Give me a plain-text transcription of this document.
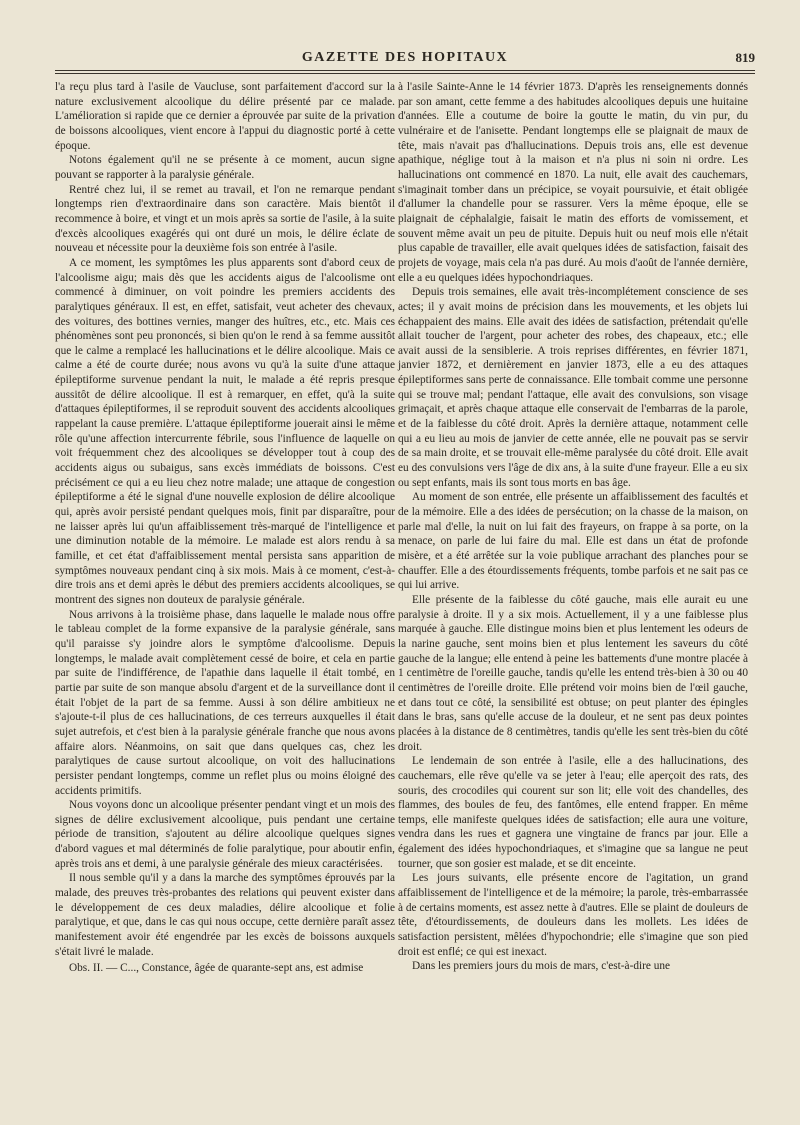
GAZETTE DES HOPITAUX	819

l'a reçu plus tard à l'asile de Vaucluse, sont parfaitement d'accord sur la nature exclusivement alcoolique du délire présenté par ce malade. L'amélioration si rapide que ce dernier a éprouvée par suite de la privation de boissons alcooliques, vient encore à l'appui du diagnostic porté à cette époque.

Notons également qu'il ne se présente à ce moment, aucun signe pouvant se rapporter à la paralysie générale.

Rentré chez lui, il se remet au travail, et l'on ne remarque pendant longtemps rien d'extraordinaire dans son caractère. Mais bientôt il recommence à boire, et vingt et un mois après sa sortie de l'asile, à la suite d'excès alcooliques exagérés qui ont duré un mois, le délire éclate de nouveau et nécessite pour la deuxième fois son entrée à l'asile.

A ce moment, les symptômes les plus apparents sont d'abord ceux de l'alcoolisme aigu; mais dès que les accidents aigus de l'alcoolisme ont commencé à diminuer, on voit poindre les premiers accidents des paralytiques généraux. Il est, en effet, satisfait, veut acheter des chevaux, des voitures, des bottines vernies, manger des huîtres, etc., etc. Mais ces phénomènes sont peu prononcés, si bien qu'on le rend à sa femme aussitôt que le calme a remplacé les hallucinations et le délire alcoolique. Mais ce calme a été de courte durée; nous avons vu qu'à la suite d'une attaque épileptiforme survenue pendant la nuit, le malade a été repris presque aussitôt de délire alcoolique. Il est à remarquer, en effet, qu'à la suite d'attaques épileptiformes, il se reproduit souvent des accidents alcooliques rappelant la cause première. L'attaque épileptiforme jouerait ainsi le même rôle qu'une affection intercurrente fébrile, sous l'influence de laquelle on voit fréquemment chez des alcooliques se développer tout à coup des accidents aigus ou subaigus, sans excès immédiats de boissons. C'est précisément ce qui a eu lieu chez notre malade; une attaque de congestion épileptiforme a été le signal d'une nouvelle explosion de délire alcoolique qui, après avoir persisté pendant quelques mois, finit par disparaître, pour ne laisser après lui qu'un affaiblissement très-marqué de l'intelligence et une diminution notable de la mémoire. Le malade est alors rendu à sa famille, et cet état d'affaiblissement mental persista sans apparition de symptômes nouveaux pendant cinq à six mois. Mais à ce moment, c'est-à-dire trois ans et demi après le début des premiers accidents alcooliques, se montrent des signes non douteux de paralysie générale.

Nous arrivons à la troisième phase, dans laquelle le malade nous offre le tableau complet de la forme expansive de la paralysie générale, sans qu'il paraisse s'y joindre alors le symptôme d'alcoolisme. Depuis longtemps, le malade avait complètement cessé de boire, et cela en partie par suite de l'indifférence, de l'apathie dans laquelle il était tombé, en partie par suite de son manque absolu d'argent et de la surveillance dont il était l'objet de la part de sa femme. Aussi à son délire ambitieux ne s'ajoute-t-il plus de ces hallucinations, de ces terreurs auxquelles il était sujet autrefois, et c'est bien à la paralysie générale franche que nous avons affaire alors. Néanmoins, on sait que dans quelques cas, chez les paralytiques de cause surtout alcoolique, on voit des hallucinations persister pendant longtemps, comme un reflet plus ou moins éloigné des accidents primitifs.

Nous voyons donc un alcoolique présenter pendant vingt et un mois des signes de délire exclusivement alcoolique, puis pendant une certaine période de transition, s'ajoutent au délire alcoolique quelques signes d'abord vagues et mal déterminés de folie paralytique, pour aboutir enfin, après trois ans et demi, à une paralysie générale des mieux caractérisées.

Il nous semble qu'il y a dans la marche des symptômes éprouvés par la malade, des preuves très-probantes des relations qui peuvent exister dans le développement de ces deux maladies, délire alcoolique et folie paralytique, et que, dans le cas qui nous occupe, cette dernière paraît assez manifestement avoir été engendrée par les excès de boissons auxquels s'était livré le malade.

Obs. II. — C..., Constance, âgée de quarante-sept ans, est admise

à l'asile Sainte-Anne le 14 février 1873. D'après les renseignements donnés par son amant, cette femme a des habitudes alcooliques depuis une huitaine d'années. Elle a coutume de boire la goutte le matin, du vin pur, du vulnéraire et de l'anisette. Pendant longtemps elle se plaignait de maux de tête, mais n'avait pas d'hallucinations. Depuis trois ans, elle est devenue apathique, néglige tout à la maison et n'a plus ni soin ni ordre. Les hallucinations ont commencé en 1870. La nuit, elle avait des cauchemars, s'imaginait tomber dans un précipice, se voyait poursuivie, et était obligée d'allumer la chandelle pour se rassurer. Vers la même époque, elle se plaignait de céphalalgie, faisait le matin des efforts de vomissement, et souvent même avait un peu de pituite. Depuis huit ou neuf mois elle n'était plus capable de travailler, elle avait quelques idées de satisfaction, faisait des projets de voyage, mais cela n'a pas duré. Au mois d'août de l'année dernière, elle a eu quelques idées hypochondriaques.

Depuis trois semaines, elle avait très-incomplétement conscience de ses actes; il y avait moins de précision dans les mouvements, et les objets lui échappaient des mains. Elle avait des idées de satisfaction, prétendait qu'elle allait toucher de l'argent, pour acheter des robes, des chapeaux, etc.; elle avait aussi de la sensiblerie. A trois reprises différentes, en février 1871, janvier 1872, et dernièrement en janvier 1873, elle a eu des attaques épileptiformes sans perte de connaissance. Elle tombait comme une personne qui se trouve mal; pendant l'attaque, elle avait des convulsions, son visage grimaçait, et après chaque attaque elle conservait de l'embarras de la parole, et de la faiblesse du côté droit. Après la dernière attaque, notamment celle qui a eu lieu au mois de janvier de cette année, elle ne pouvait pas se servir de sa main droite, et se trouvait elle-même paralysée du côté droit. Elle avait eu des convulsions vers l'âge de dix ans, à la suite d'une frayeur. Elle a eu six ou sept enfants, mais ils sont tous morts en bas âge.

Au moment de son entrée, elle présente un affaiblissement des facultés et de la mémoire. Elle a des idées de persécution; on la chasse de la maison, on parle mal d'elle, la nuit on lui fait des frayeurs, on frappe à sa porte, on la menace, on parle de lui faire du mal. Elle est dans un état de profonde misère, et a été arrêtée sur la voie publique arrachant des planches pour se chauffer. Elle a des étourdissements fréquents, tombe parfois et ne sait pas ce qui lui arrive.

Elle présente de la faiblesse du côté gauche, mais elle aurait eu une paralysie à droite. Il y a six mois. Actuellement, il y a une faiblesse plus marquée à gauche. Elle distingue moins bien et plus lentement les odeurs de la narine gauche, sent moins bien et plus lentement les saveurs du côté gauche de la langue; elle entend à peine les battements d'une montre placée à 1 centimètre de l'oreille gauche, tandis qu'elle les entend très-bien à 30 ou 40 centimètres de l'oreille droite. Elle prétend voir moins bien de l'œil gauche, et dans tout ce côté, la sensibilité est obtuse; on peut planter des épingles dans le bras, sans qu'elle accuse de la douleur, et ne sent pas deux pointes placées à la distance de 8 centimètres, tandis qu'elle les sent très-bien du côté droit.

Le lendemain de son entrée à l'asile, elle a des hallucinations, des cauchemars, elle rêve qu'elle va se jeter à l'eau; elle aperçoit des rats, des souris, des crocodiles qui courent sur son lit; elle voit des chandelles, des flammes, des boules de feu, des fantômes, elle entend frapper. En même temps, elle manifeste quelques idées de satisfaction; elle aura une voiture, vendra dans les rues et gagnera une vingtaine de francs par jour. Elle a également des idées hypochondriaques, et s'imagine que sa langue ne peut tourner, que son gosier est malade, et se dit enceinte.

Les jours suivants, elle présente encore de l'agitation, un grand affaiblissement de l'intelligence et de la mémoire; la parole, très-embarrassée à de certains moments, est assez nette à d'autres. Elle se plaint de douleurs de tête, d'étourdissements, de douleurs dans les mollets. Les idées de satisfaction persistent, mêlées d'hypochondrie; elle s'imagine que son pied droit est enflé; ce qui est inexact.

Dans les premiers jours du mois de mars, c'est-à-dire une
